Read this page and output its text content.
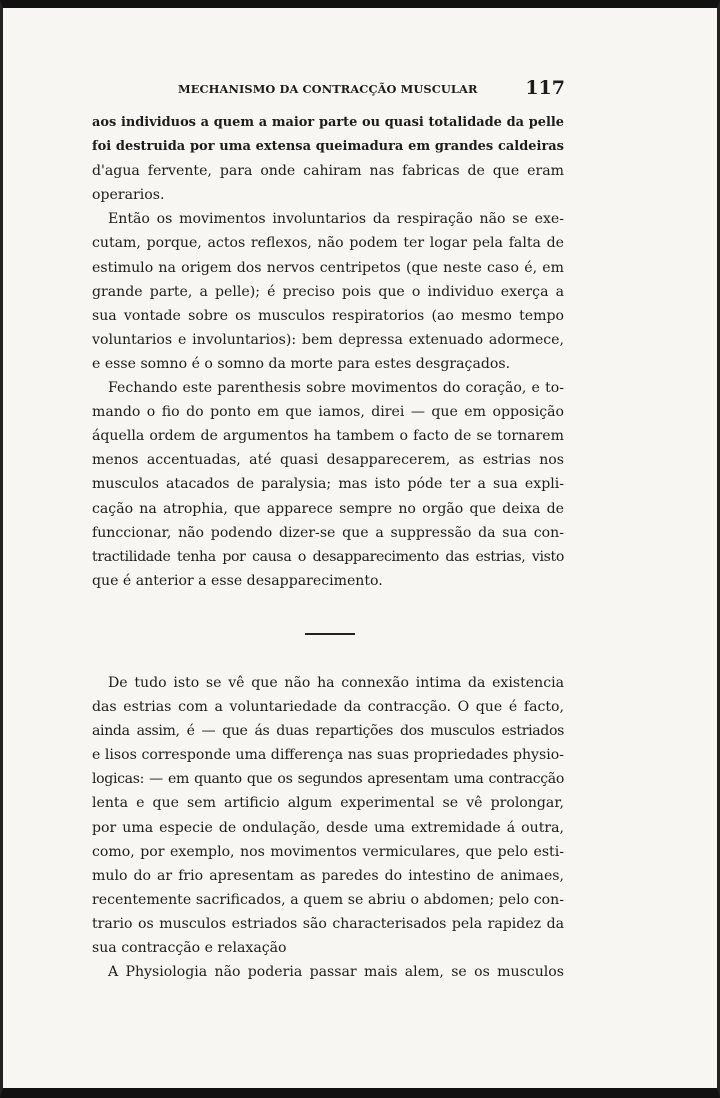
MECHANISMO DA CONTRACÇÃO MUSCULAR	117
aos individuos a quem a maior parte ou quasi totalidade da pelle
foi destruida por uma extensa queimadura em grandes caldeiras
d'agua fervente, para onde cahiram nas fabricas de que eram
operarios.
Então os movimentos involuntarios da respiração não se exe-
cutam, porque, actos reflexos, não podem ter logar pela falta de
estimulo na origem dos nervos centripetos (que neste caso é, em
grande parte, a pelle); é preciso pois que o individuo exerça a
sua vontade sobre os musculos respiratorios (ao mesmo tempo
voluntarios e involuntarios): bem depressa extenuado adormece,
e esse somno é o somno da morte para estes desgraçados.
Fechando este parenthesis sobre movimentos do coração, e to-
mando o fio do ponto em que iamos, direi — que em opposição
áquella ordem de argumentos ha tambem o facto de se tornarem
menos accentuadas, até quasi desapparecerem, as estrias nos
musculos atacados de paralysia; mas isto póde ter a sua expli-
cação na atrophia, que apparece sempre no orgão que deixa de
funccionar, não podendo dizer-se que a suppressão da sua con-
tractilidade tenha por causa o desapparecimento das estrias, visto
que é anterior a esse desapparecimento.
De tudo isto se vê que não ha connexão intima da existencia
das estrias com a voluntariedade da contracção. O que é facto,
ainda assim, é — que ás duas repartições dos musculos estriados
e lisos corresponde uma differença nas suas propriedades physio-
logicas: — em quanto que os segundos apresentam uma contracção
lenta e que sem artificio algum experimental se vê prolongar,
por uma especie de ondulação, desde uma extremidade á outra,
como, por exemplo, nos movimentos vermiculares, que pelo esti-
mulo do ar frio apresentam as paredes do intestino de animaes,
recentemente sacrificados, a quem se abriu o abdomen; pelo con-
trario os musculos estriados são characterisados pela rapidez da
sua contracção e relaxação
A Physiologia não poderia passar mais alem, se os musculos
